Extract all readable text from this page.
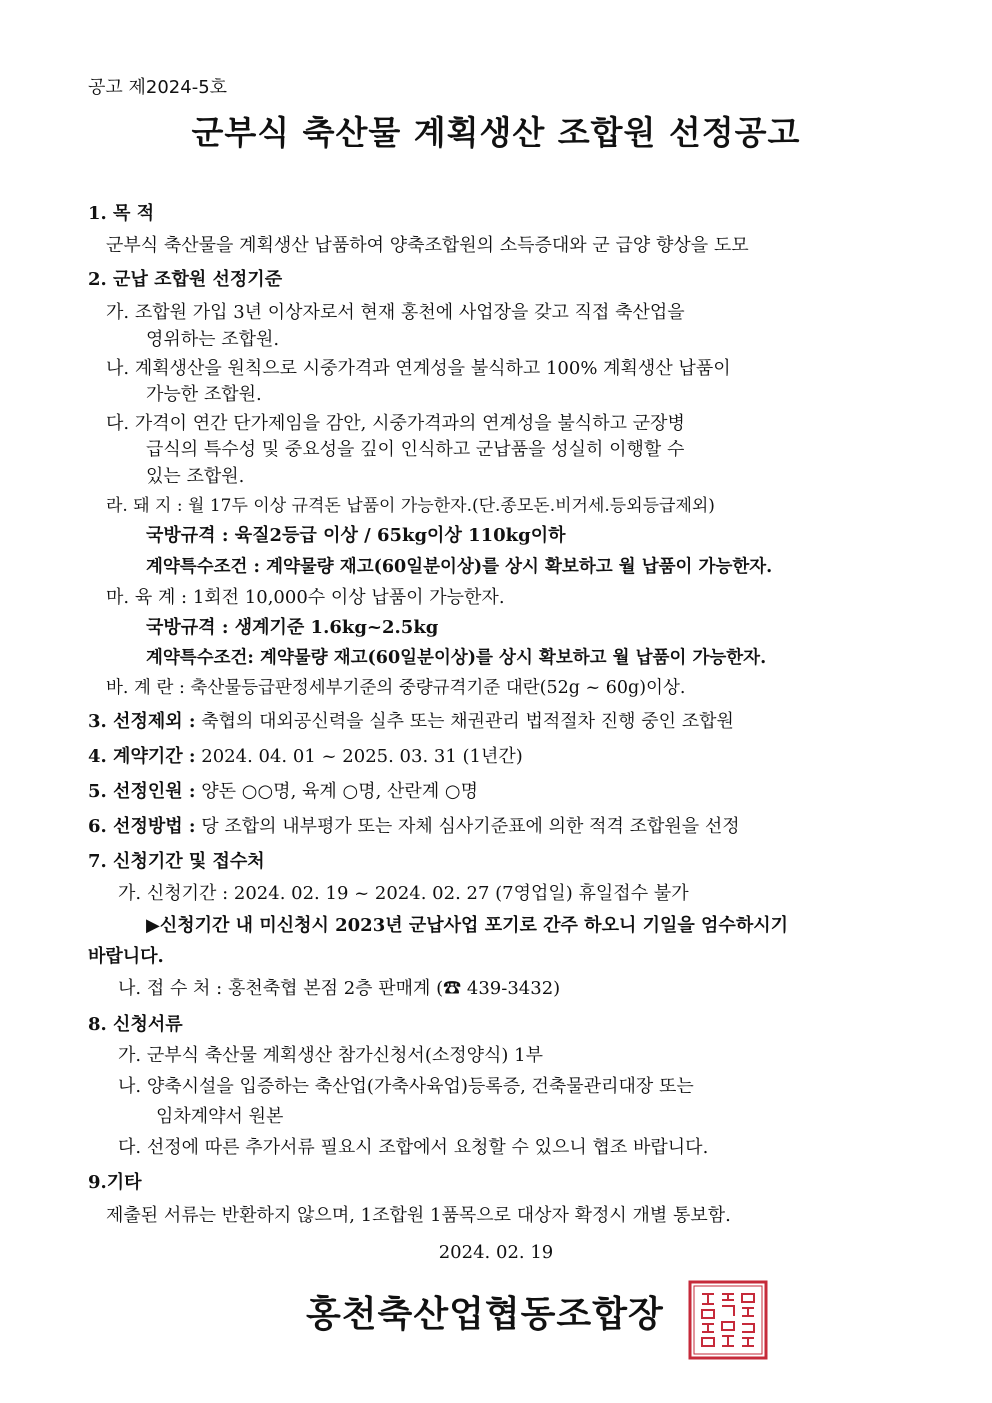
공고 제2024-5호
군부식 축산물 계획생산 조합원 선정공고
1. 목 적
군부식 축산물을 계획생산 납품하여 양축조합원의 소득증대와 군 급양 향상을 도모
2. 군납 조합원 선정기준
가. 조합원 가입 3년 이상자로서 현재 홍천에 사업장을 갖고 직접 축산업을
영위하는 조합원.
나. 계획생산을 원칙으로 시중가격과 연계성을 불식하고 100% 계획생산 납품이
가능한 조합원.
다. 가격이 연간 단가제임을 감안, 시중가격과의 연계성을 불식하고 군장병
급식의 특수성 및 중요성을 깊이 인식하고 군납품을 성실히 이행할 수
있는 조합원.
라. 돼 지 : 월 17두 이상 규격돈 납품이 가능한자.(단.종모돈.비거세.등외등급제외)
국방규격 : 육질2등급 이상 / 65kg이상 110kg이하
계약특수조건 : 계약물량 재고(60일분이상)를 상시 확보하고 월 납품이 가능한자.
마. 육 계 : 1회전 10,000수 이상 납품이 가능한자.
국방규격 : 생계기준 1.6kg~2.5kg
계약특수조건: 계약물량 재고(60일분이상)를 상시 확보하고 월 납품이 가능한자.
바. 계 란 : 축산물등급판정세부기준의 중량규격기준 대란(52g ~ 60g)이상.
3. 선정제외 : 축협의 대외공신력을 실추 또는 채권관리 법적절차 진행 중인 조합원
4. 계약기간 : 2024. 04. 01 ~ 2025. 03. 31 (1년간)
5. 선정인원 : 양돈 ○○명, 육계 ○명, 산란계 ○명
6. 선정방법 : 당 조합의 내부평가 또는 자체 심사기준표에 의한 적격 조합원을 선정
7. 신청기간 및 접수처
가. 신청기간 : 2024. 02. 19 ~ 2024. 02. 27 (7영업일) 휴일접수 불가
▶신청기간 내 미신청시 2023년 군납사업 포기로 간주 하오니 기일을 엄수하시기
바랍니다.
나. 접 수 처 : 홍천축협 본점 2층 판매계 (☎ 439-3432)
8. 신청서류
가. 군부식 축산물 계획생산 참가신청서(소정양식) 1부
나. 양축시설을 입증하는 축산업(가축사육업)등록증, 건축물관리대장 또는
임차계약서 원본
다. 선정에 따른 추가서류 필요시 조합에서 요청할 수 있으니 협조 바랍니다.
9.기타
제출된 서류는 반환하지 않으며, 1조합원 1품목으로 대상자 확정시 개별 통보함.
2024. 02. 19
홍천축산업협동조합장
